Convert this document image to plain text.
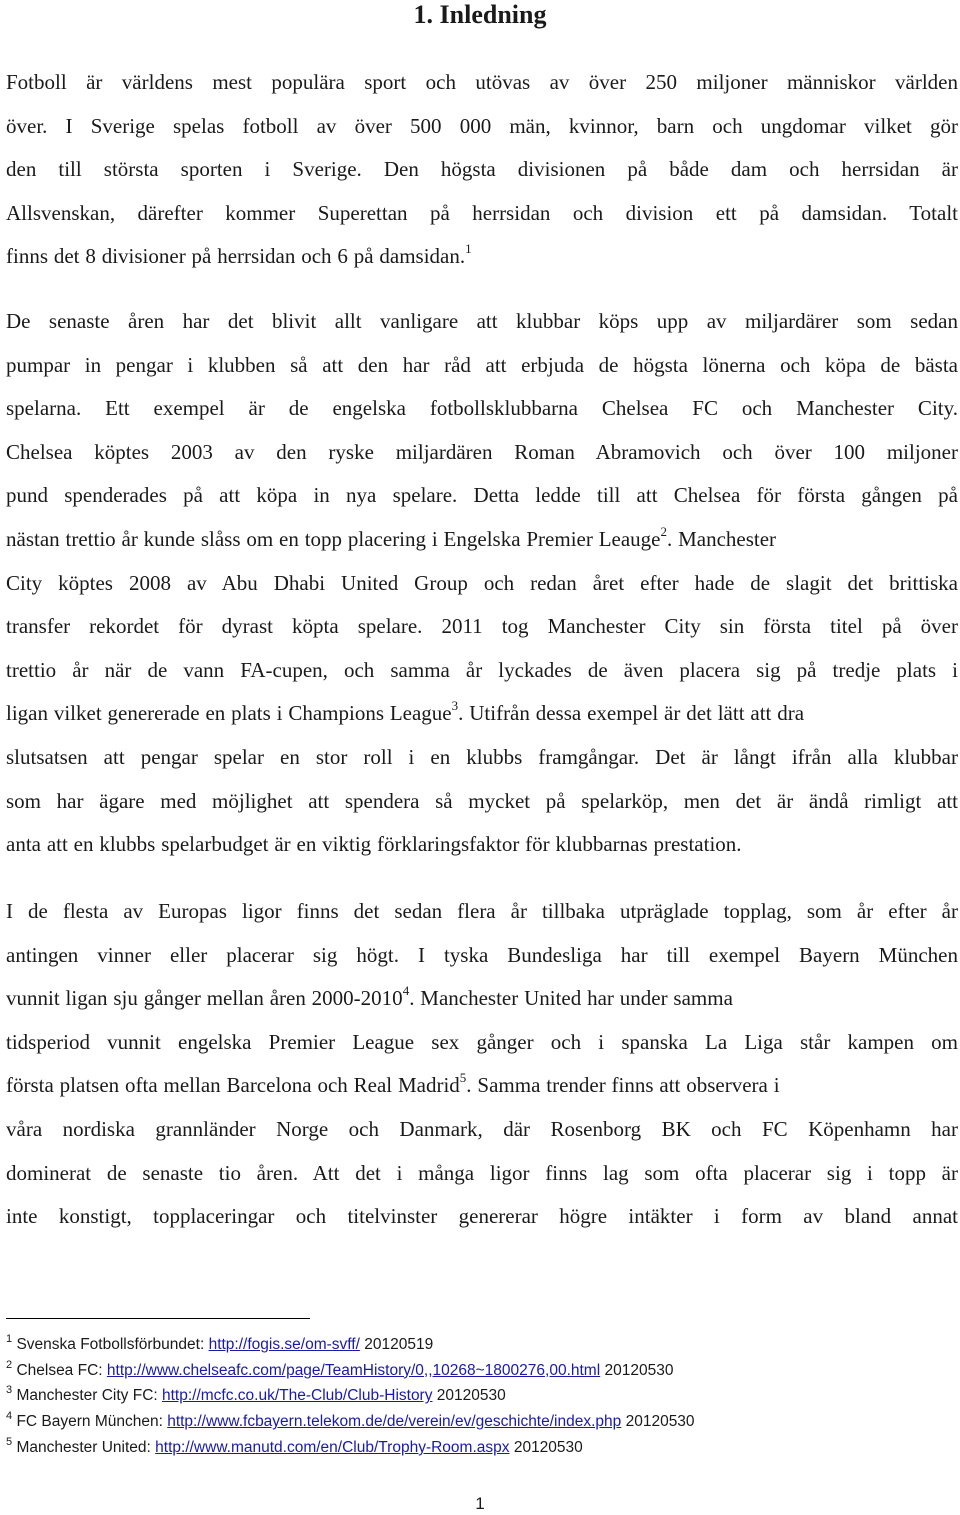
1. Inledning

Fotboll är världens mest populära sport och utövas av över 250 miljoner människor världen
över. I Sverige spelas fotboll av över 500 000 män, kvinnor, barn och ungdomar vilket gör
den till största sporten i Sverige. Den högsta divisionen på både dam och herrsidan är
Allsvenskan, därefter kommer Superettan på herrsidan och division ett på damsidan. Totalt
finns det 8 divisioner på herrsidan och 6 på damsidan.$^1$

De senaste åren har det blivit allt vanligare att klubbar köps upp av miljardärer som sedan
pumpar in pengar i klubben så att den har råd att erbjuda de högsta lönerna och köpa de bästa
spelarna. Ett exempel är de engelska fotbollsklubbarna Chelsea FC och Manchester City.
Chelsea köptes 2003 av den ryske miljardären Roman Abramovich och över 100 miljoner
pund spenderades på att köpa in nya spelare. Detta ledde till att Chelsea för första gången på
nästan trettio år kunde slåss om en topp placering i Engelska Premier Leauge$^2$. Manchester
City köptes 2008 av Abu Dhabi United Group och redan året efter hade de slagit det brittiska
transfer rekordet för dyrast köpta spelare. 2011 tog Manchester City sin första titel på över
trettio år när de vann FA-cupen, och samma år lyckades de även placera sig på tredje plats i
ligan vilket genererade en plats i Champions League$^3$. Utifrån dessa exempel är det lätt att dra
slutsatsen att pengar spelar en stor roll i en klubbs framgångar. Det är långt ifrån alla klubbar
som har ägare med möjlighet att spendera så mycket på spelarköp, men det är ändå rimligt att
anta att en klubbs spelarbudget är en viktig förklaringsfaktor för klubbarnas prestation.

I de flesta av Europas ligor finns det sedan flera år tillbaka utpräglade topplag, som år efter år
antingen vinner eller placerar sig högt. I tyska Bundesliga har till exempel Bayern München
vunnit ligan sju gånger mellan åren 2000-2010$^4$. Manchester United har under samma
tidsperiod vunnit engelska Premier League sex gånger och i spanska La Liga står kampen om
första platsen ofta mellan Barcelona och Real Madrid$^5$. Samma trender finns att observera i
våra nordiska grannländer Norge och Danmark, där Rosenborg BK och FC Köpenhamn har
dominerat de senaste tio åren. Att det i många ligor finns lag som ofta placerar sig i topp är
inte konstigt, topplaceringar och titelvinster genererar högre intäkter i form av bland annat

$^1$ Svenska Fotbollsförbundet: http://fogis.se/om-svff/ 20120519
$^2$ Chelsea FC: http://www.chelseafc.com/page/TeamHistory/0,,10268~1800276,00.html 20120530
$^3$ Manchester City FC: http://mcfc.co.uk/The-Club/Club-History 20120530
$^4$ FC Bayern München: http://www.fcbayern.telekom.de/de/verein/ev/geschichte/index.php 20120530
$^5$ Manchester United: http://www.manutd.com/en/Club/Trophy-Room.aspx 20120530
1
